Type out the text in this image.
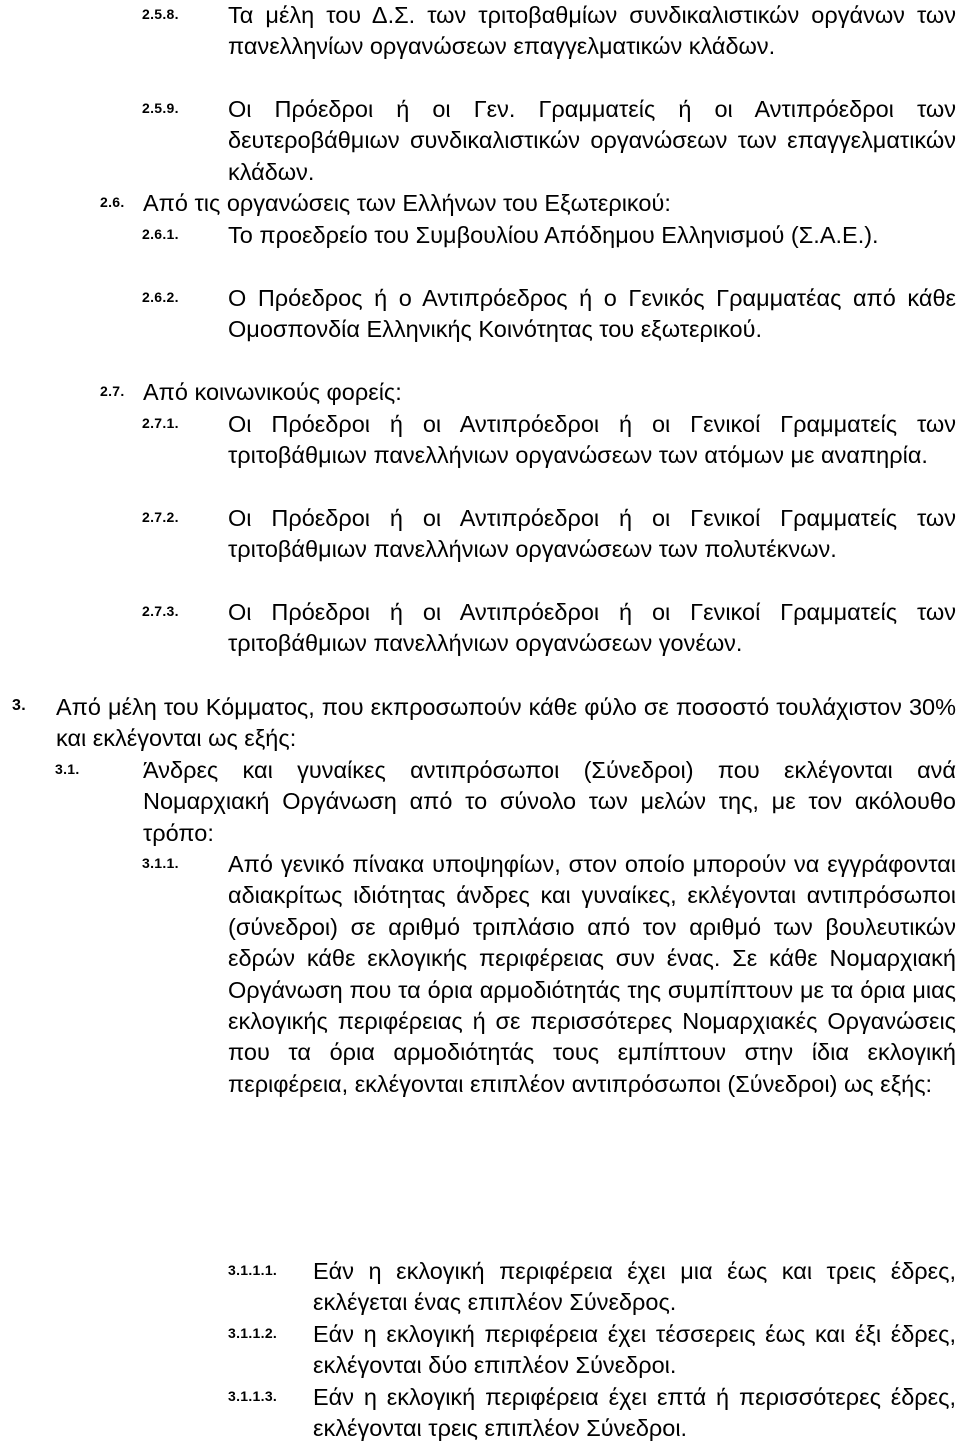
2.5.8. Τα μέλη του Δ.Σ. των τριτοβαθμίων συνδικαλιστικών οργάνων των πανελληνίων οργανώσεων επαγγελματικών κλάδων.

2.5.9. Οι Πρόεδροι ή οι Γεν. Γραμματείς ή οι Αντιπρόεδροι των δευτεροβάθμιων συνδικαλιστικών οργανώσεων των επαγγελματικών κλάδων.

2.6. Από τις οργανώσεις των Ελλήνων του Εξωτερικού:

2.6.1. Το προεδρείο του Συμβουλίου Απόδημου Ελληνισμού (Σ.Α.Ε.).

2.6.2. Ο Πρόεδρος ή ο Αντιπρόεδρος ή ο Γενικός Γραμματέας από κάθε Ομοσπονδία Ελληνικής Κοινότητας του εξωτερικού.

2.7. Από κοινωνικούς φορείς:

2.7.1. Οι Πρόεδροι ή οι Αντιπρόεδροι ή οι Γενικοί Γραμματείς των τριτοβάθμιων πανελλήνιων οργανώσεων των ατόμων με αναπηρία.

2.7.2. Οι Πρόεδροι ή οι Αντιπρόεδροι ή οι Γενικοί Γραμματείς των τριτοβάθμιων πανελλήνιων οργανώσεων των πολυτέκνων.

2.7.3. Οι Πρόεδροι ή οι Αντιπρόεδροι ή οι Γενικοί Γραμματείς των τριτοβάθμιων πανελλήνιων οργανώσεων γονέων.

3. Από μέλη του Κόμματος, που εκπροσωπούν κάθε φύλο σε ποσοστό τουλάχιστον 30% και εκλέγονται ως εξής:

3.1.	Άνδρες και γυναίκες αντιπρόσωποι (Σύνεδροι) που εκλέγονται ανά Νομαρχιακή Οργάνωση από το σύνολο των μελών της, με τον ακόλουθο τρόπο:

3.1.1. Από γενικό πίνακα υποψηφίων, στον οποίο μπορούν να εγγράφονται αδιακρίτως ιδιότητας άνδρες και γυναίκες, εκλέγονται αντιπρόσωποι (σύνεδροι) σε αριθμό τριπλάσιο από τον αριθμό των βουλευτικών εδρών κάθε εκλογικής περιφέρειας συν ένας. Σε κάθε Νομαρχιακή Οργάνωση που τα όρια αρμοδιότητάς της συμπίπτουν με τα όρια μιας εκλογικής περιφέρειας ή σε περισσότερες Νομαρχιακές Οργανώσεις που τα όρια αρμοδιότητάς τους εμπίπτουν στην ίδια εκλογική περιφέρεια, εκλέγονται επιπλέον αντιπρόσωποι (Σύνεδροι) ως εξής:

3.1.1.1. Εάν η εκλογική περιφέρεια έχει μια έως και τρεις έδρες, εκλέγεται ένας επιπλέον Σύνεδρος.

3.1.1.2. Εάν η εκλογική περιφέρεια έχει τέσσερεις έως και έξι έδρες, εκλέγονται δύο επιπλέον Σύνεδροι.

3.1.1.3. Εάν η εκλογική περιφέρεια έχει επτά ή περισσότερες έδρες, εκλέγονται τρεις επιπλέον Σύνεδροι.
